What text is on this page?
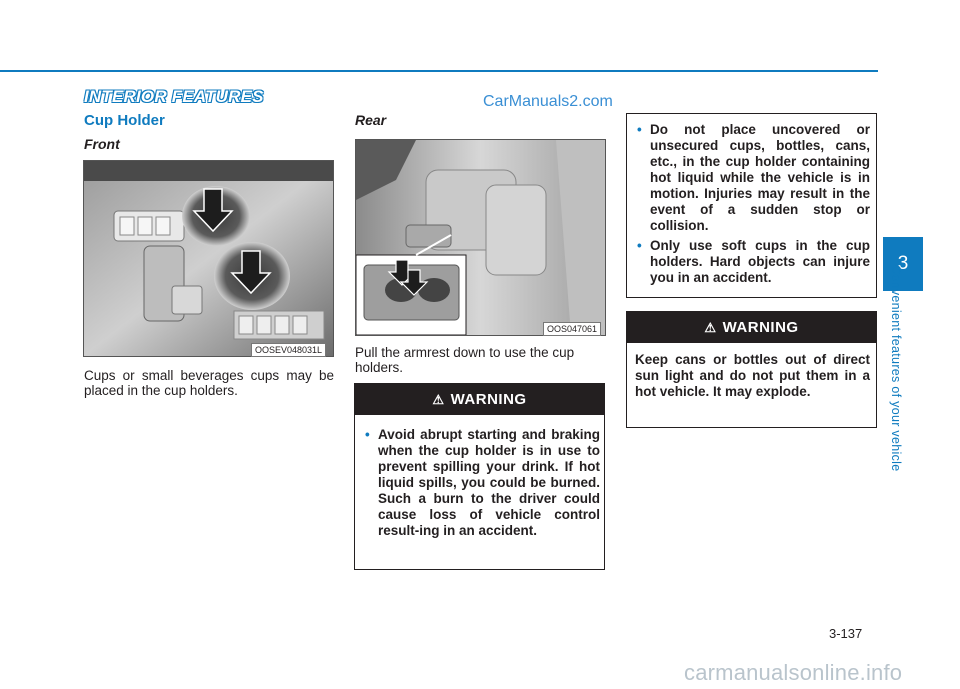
INTERIOR FEATURES	CarManuals2.com
Cup Holder
Front
OOSEV048031L
Cups or small beverages cups may be placed in the cup holders.
Rear
OOS047061
Pull the armrest down to use the cup holders.
⚠ WARNING
• Avoid abrupt starting and braking when the cup holder is in use to prevent spilling your drink. If hot liquid spills, you could be burned. Such a burn to the driver could cause loss of vehicle control result-ing in an accident.
• Do not place uncovered or unsecured cups, bottles, cans, etc., in the cup holder containing hot liquid while the vehicle is in motion. Injuries may result in the event of a sudden stop or collision.
• Only use soft cups in the cup holders. Hard objects can injure you in an accident.
⚠ WARNING
Keep cans or bottles out of direct sun light and do not put them in a hot vehicle. It may explode.
3
Convenient features of your vehicle
3-137
carmanualsonline.info
